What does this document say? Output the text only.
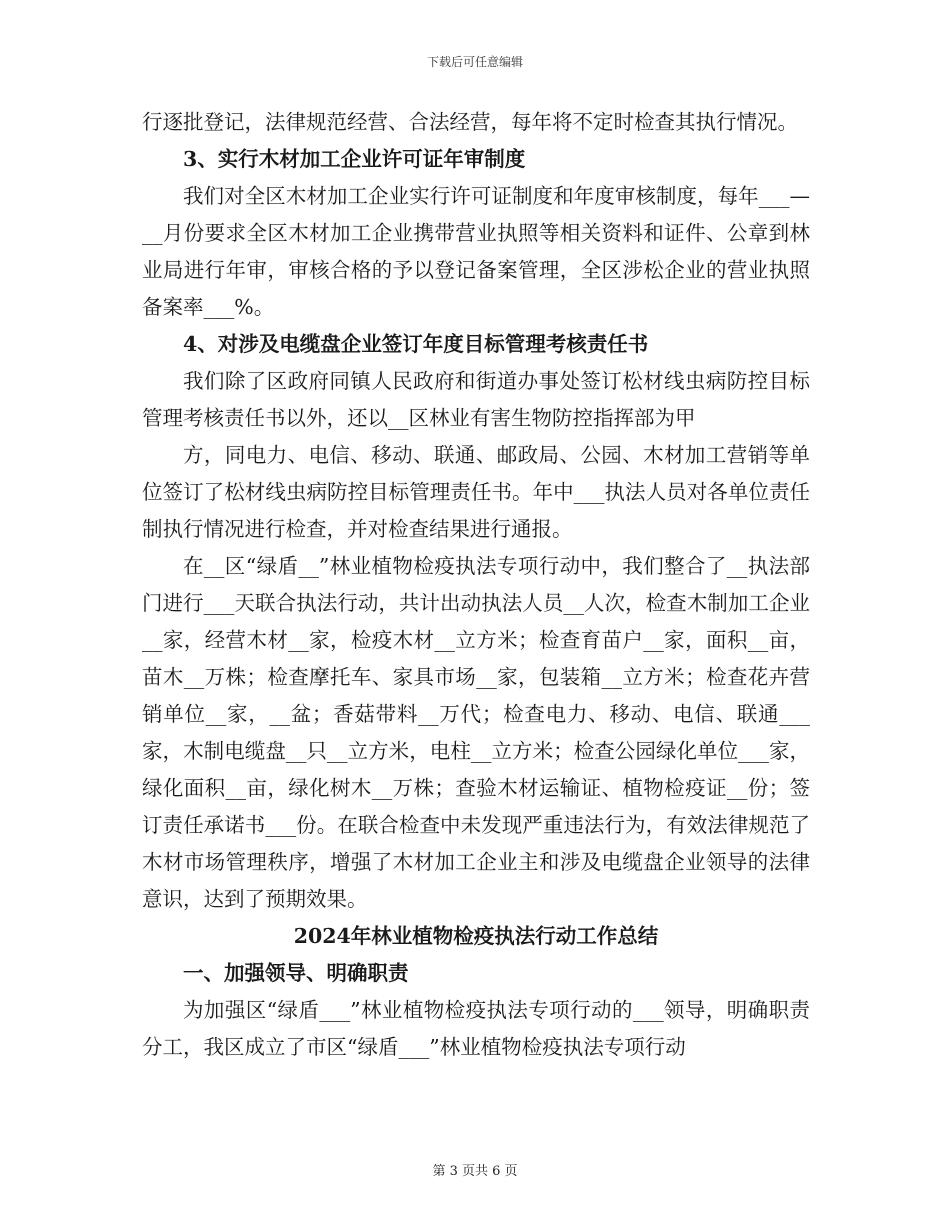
下载后可任意编辑

行逐批登记，法律规范经营、合法经营，每年将不定时检查其执行情况。

3、实行木材加工企业许可证年审制度

我们对全区木材加工企业实行许可证制度和年度审核制度，每年___—__月份要求全区木材加工企业携带营业执照等相关资料和证件、公章到林业局进行年审，审核合格的予以登记备案管理，全区涉松企业的营业执照备案率___%。

4、对涉及电缆盘企业签订年度目标管理考核责任书

我们除了区政府同镇人民政府和街道办事处签订松材线虫病防控目标管理考核责任书以外，还以__区林业有害生物防控指挥部为甲

方，同电力、电信、移动、联通、邮政局、公园、木材加工营销等单位签订了松材线虫病防控目标管理责任书。年中___执法人员对各单位责任制执行情况进行检查，并对检查结果进行通报。

在__区“绿盾__”林业植物检疫执法专项行动中，我们整合了__执法部门进行___天联合执法行动，共计出动执法人员__人次，检查木制加工企业__家，经营木材__家，检疫木材__立方米；检查育苗户__家，面积__亩，苗木__万株；检查摩托车、家具市场__家，包装箱__立方米；检查花卉营销单位__家，__盆；香菇带料__万代；检查电力、移动、电信、联通___家，木制电缆盘__只__立方米，电柱__立方米；检查公园绿化单位___家，绿化面积__亩，绿化树木__万株；查验木材运输证、植物检疫证__份；签订责任承诺书___份。在联合检查中未发现严重违法行为，有效法律规范了木材市场管理秩序，增强了木材加工企业主和涉及电缆盘企业领导的法律意识，达到了预期效果。

2024年林业植物检疫执法行动工作总结

一、加强领导、明确职责

为加强区“绿盾___”林业植物检疫执法专项行动的___领导，明确职责分工，我区成立了市区“绿盾___”林业植物检疫执法专项行动

第 3 页共 6 页
